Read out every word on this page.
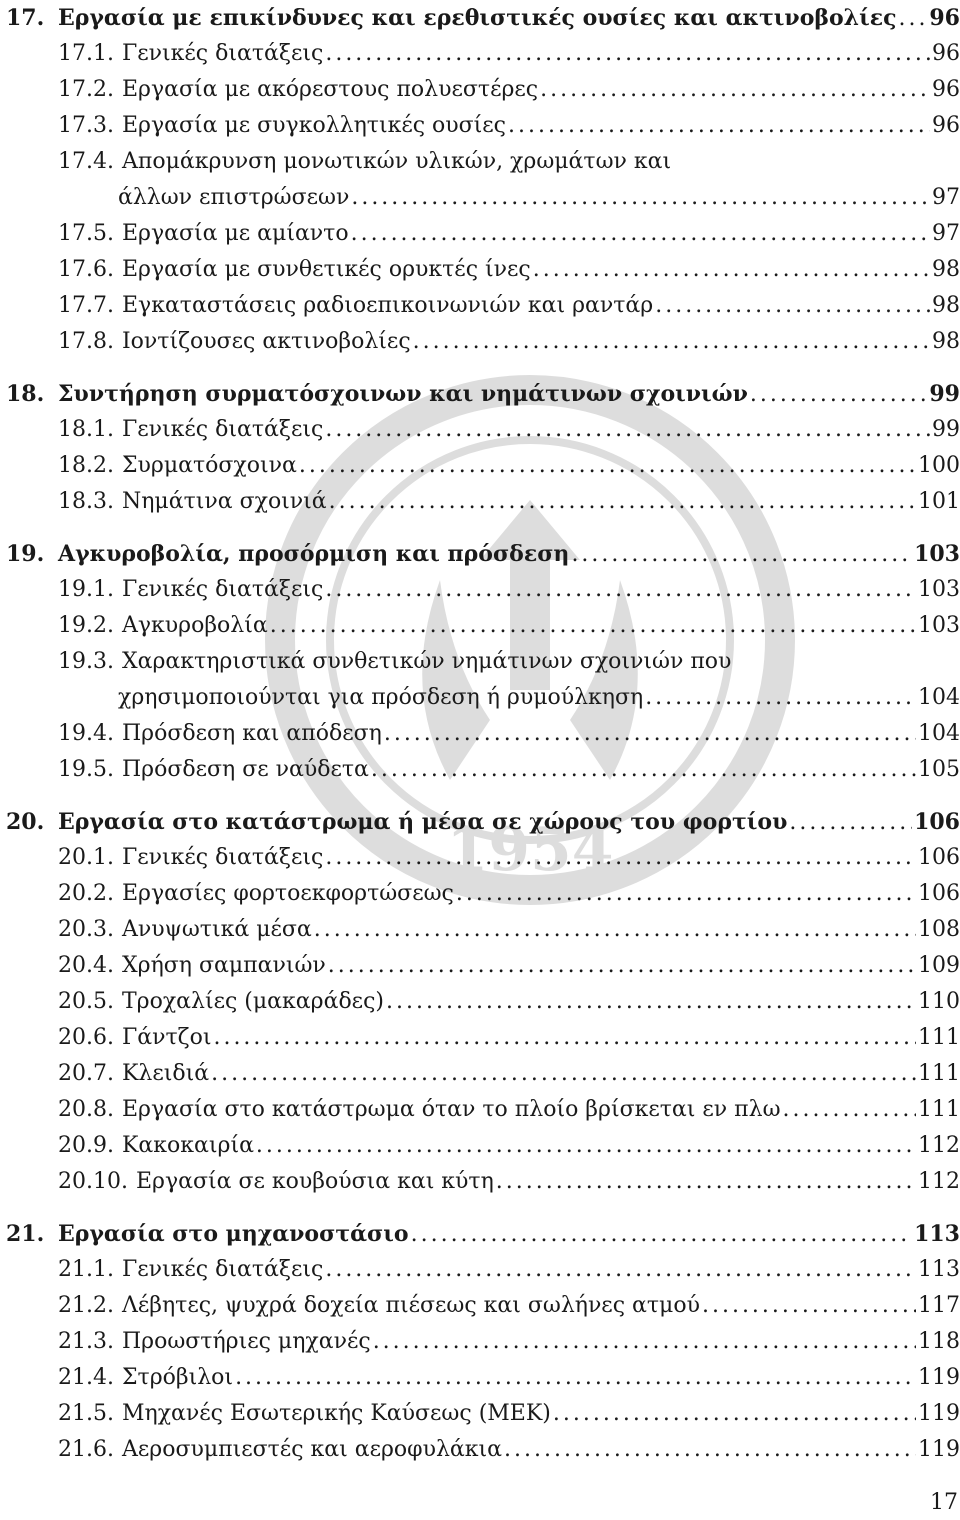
1954
17. Εργασία με επικίνδυνες και ερεθιστικές ουσίες και ακτινοβολίες ..... 96
17.1. Γενικές διατάξεις .....	96
17.2. Εργασία με ακόρεστους πολυεστέρες .....	96
17.3. Εργασία με συγκολλητικές ουσίες .....	96
17.4. Απομάκρυνση μονωτικών υλικών, χρωμάτων και
άλλων επιστρώσεων .....	97
17.5. Εργασία με αμίαντο .....	97
17.6. Εργασία με συνθετικές ορυκτές ίνες .....	98
17.7. Εγκαταστάσεις ραδιοεπικοινωνιών και ραντάρ .....	98
17.8. Ιοντίζουσες ακτινοβολίες .....	98
18. Συντήρηση συρματόσχοινων και νημάτινων σχοινιών .....	99
18.1. Γενικές διατάξεις .....	99
18.2. Συρματόσχοινα .....	100
18.3. Νημάτινα σχοινιά .....	101
19. Αγκυροβολία, προσόρμιση και πρόσδεση .....	103
19.1. Γενικές διατάξεις .....	103
19.2. Αγκυροβολία .....	103
19.3. Χαρακτηριστικά συνθετικών νημάτινων σχοινιών που
χρησιμοποιούνται για πρόσδεση ή ρυμούλκηση .....	104
19.4. Πρόσδεση και απόδεση .....	104
19.5. Πρόσδεση σε ναύδετα .....	105
20. Εργασία στο κατάστρωμα ή μέσα σε χώρους του φορτίου .....	106
20.1. Γενικές διατάξεις .....	106
20.2. Εργασίες φορτοεκφορτώσεως .....	106
20.3. Ανυψωτικά μέσα .....	108
20.4. Χρήση σαμπανιών .....	109
20.5. Τροχαλίες (μακαράδες) .....	110
20.6. Γάντζοι .....	111
20.7. Κλειδιά .....	111
20.8. Εργασία στο κατάστρωμα όταν το πλοίο βρίσκεται εν πλω .....	111
20.9. Κακοκαιρία .....	112
20.10. Εργασία σε κουβούσια και κύτη .....	112
21. Εργασία στο μηχανοστάσιο .....	113
21.1. Γενικές διατάξεις .....	113
21.2. Λέβητες, ψυχρά δοχεία πιέσεως και σωλήνες ατμού .....	117
21.3. Προωστήριες μηχανές .....	118
21.4. Στρόβιλοι .....	119
21.5. Μηχανές Εσωτερικής Καύσεως (ΜΕΚ) .....	119
21.6. Αεροσυμπιεστές και αεροφυλάκια .....	119
17
